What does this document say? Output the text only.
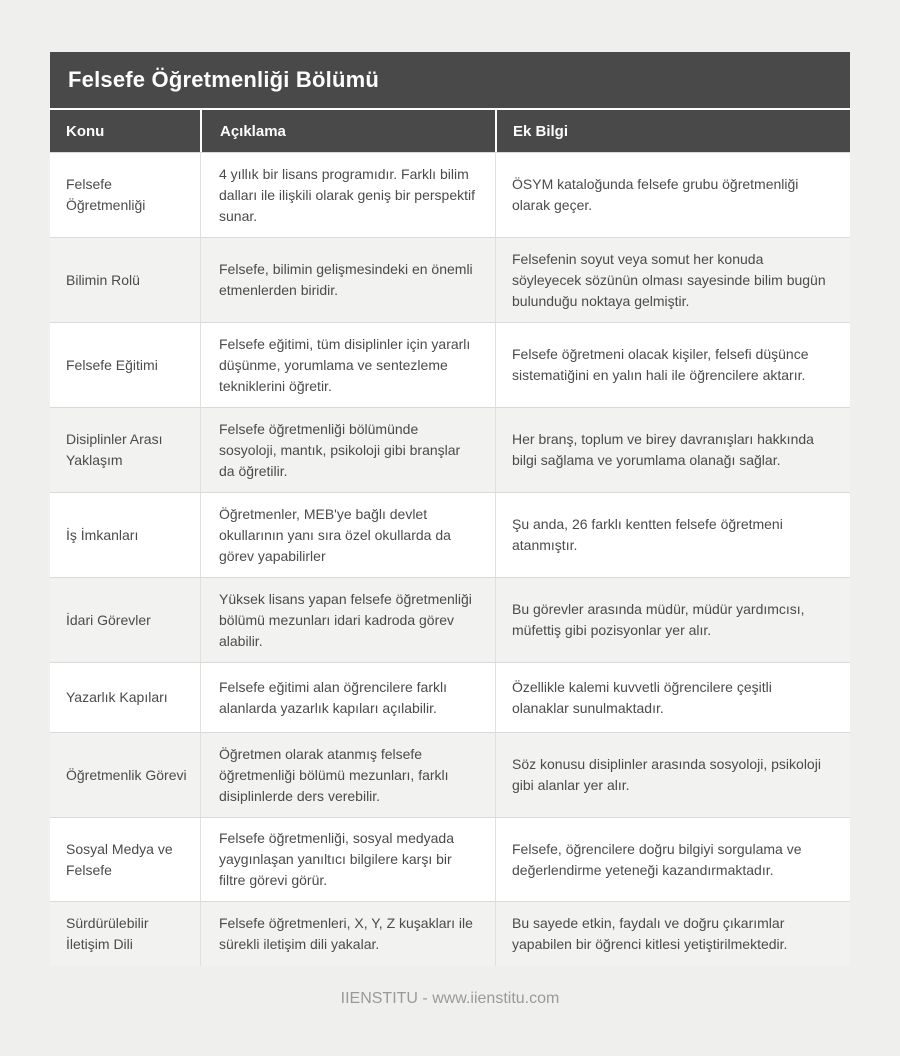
Felsefe Öğretmenliği Bölümü
Konu	Açıklama	Ek Bilgi
Felsefe Öğretmenliği
4 yıllık bir lisans programıdır. Farklı bilim dalları ile ilişkili olarak geniş bir perspektif sunar.
ÖSYM kataloğunda felsefe grubu öğretmenliği olarak geçer.
Bilimin Rolü
Felsefe, bilimin gelişmesindeki en önemli etmenlerden biridir.
Felsefenin soyut veya somut her konuda söyleyecek sözünün olması sayesinde bilim bugün bulunduğu noktaya gelmiştir.
Felsefe Eğitimi
Felsefe eğitimi, tüm disiplinler için yararlı düşünme, yorumlama ve sentezleme tekniklerini öğretir.
Felsefe öğretmeni olacak kişiler, felsefi düşünce sistematiğini en yalın hali ile öğrencilere aktarır.
Disiplinler Arası Yaklaşım
Felsefe öğretmenliği bölümünde sosyoloji, mantık, psikoloji gibi branşlar da öğretilir.
Her branş, toplum ve birey davranışları hakkında bilgi sağlama ve yorumlama olanağı sağlar.
İş İmkanları
Öğretmenler, MEB'ye bağlı devlet okullarının yanı sıra özel okullarda da görev yapabilirler
Şu anda, 26 farklı kentten felsefe öğretmeni atanmıştır.
İdari Görevler
Yüksek lisans yapan felsefe öğretmenliği bölümü mezunları idari kadroda görev alabilir.
Bu görevler arasında müdür, müdür yardımcısı, müfettiş gibi pozisyonlar yer alır.
Yazarlık Kapıları
Felsefe eğitimi alan öğrencilere farklı alanlarda yazarlık kapıları açılabilir.
Özellikle kalemi kuvvetli öğrencilere çeşitli olanaklar sunulmaktadır.
Öğretmenlik Görevi
Öğretmen olarak atanmış felsefe öğretmenliği bölümü mezunları, farklı disiplinlerde ders verebilir.
Söz konusu disiplinler arasında sosyoloji, psikoloji gibi alanlar yer alır.
Sosyal Medya ve Felsefe
Felsefe öğretmenliği, sosyal medyada yaygınlaşan yanıltıcı bilgilere karşı bir filtre görevi görür.
Felsefe, öğrencilere doğru bilgiyi sorgulama ve değerlendirme yeteneği kazandırmaktadır.
Sürdürülebilir İletişim Dili
Felsefe öğretmenleri, X, Y, Z kuşakları ile sürekli iletişim dili yakalar.
Bu sayede etkin, faydalı ve doğru çıkarımlar yapabilen bir öğrenci kitlesi yetiştirilmektedir.
IIENSTITU - www.iienstitu.com
